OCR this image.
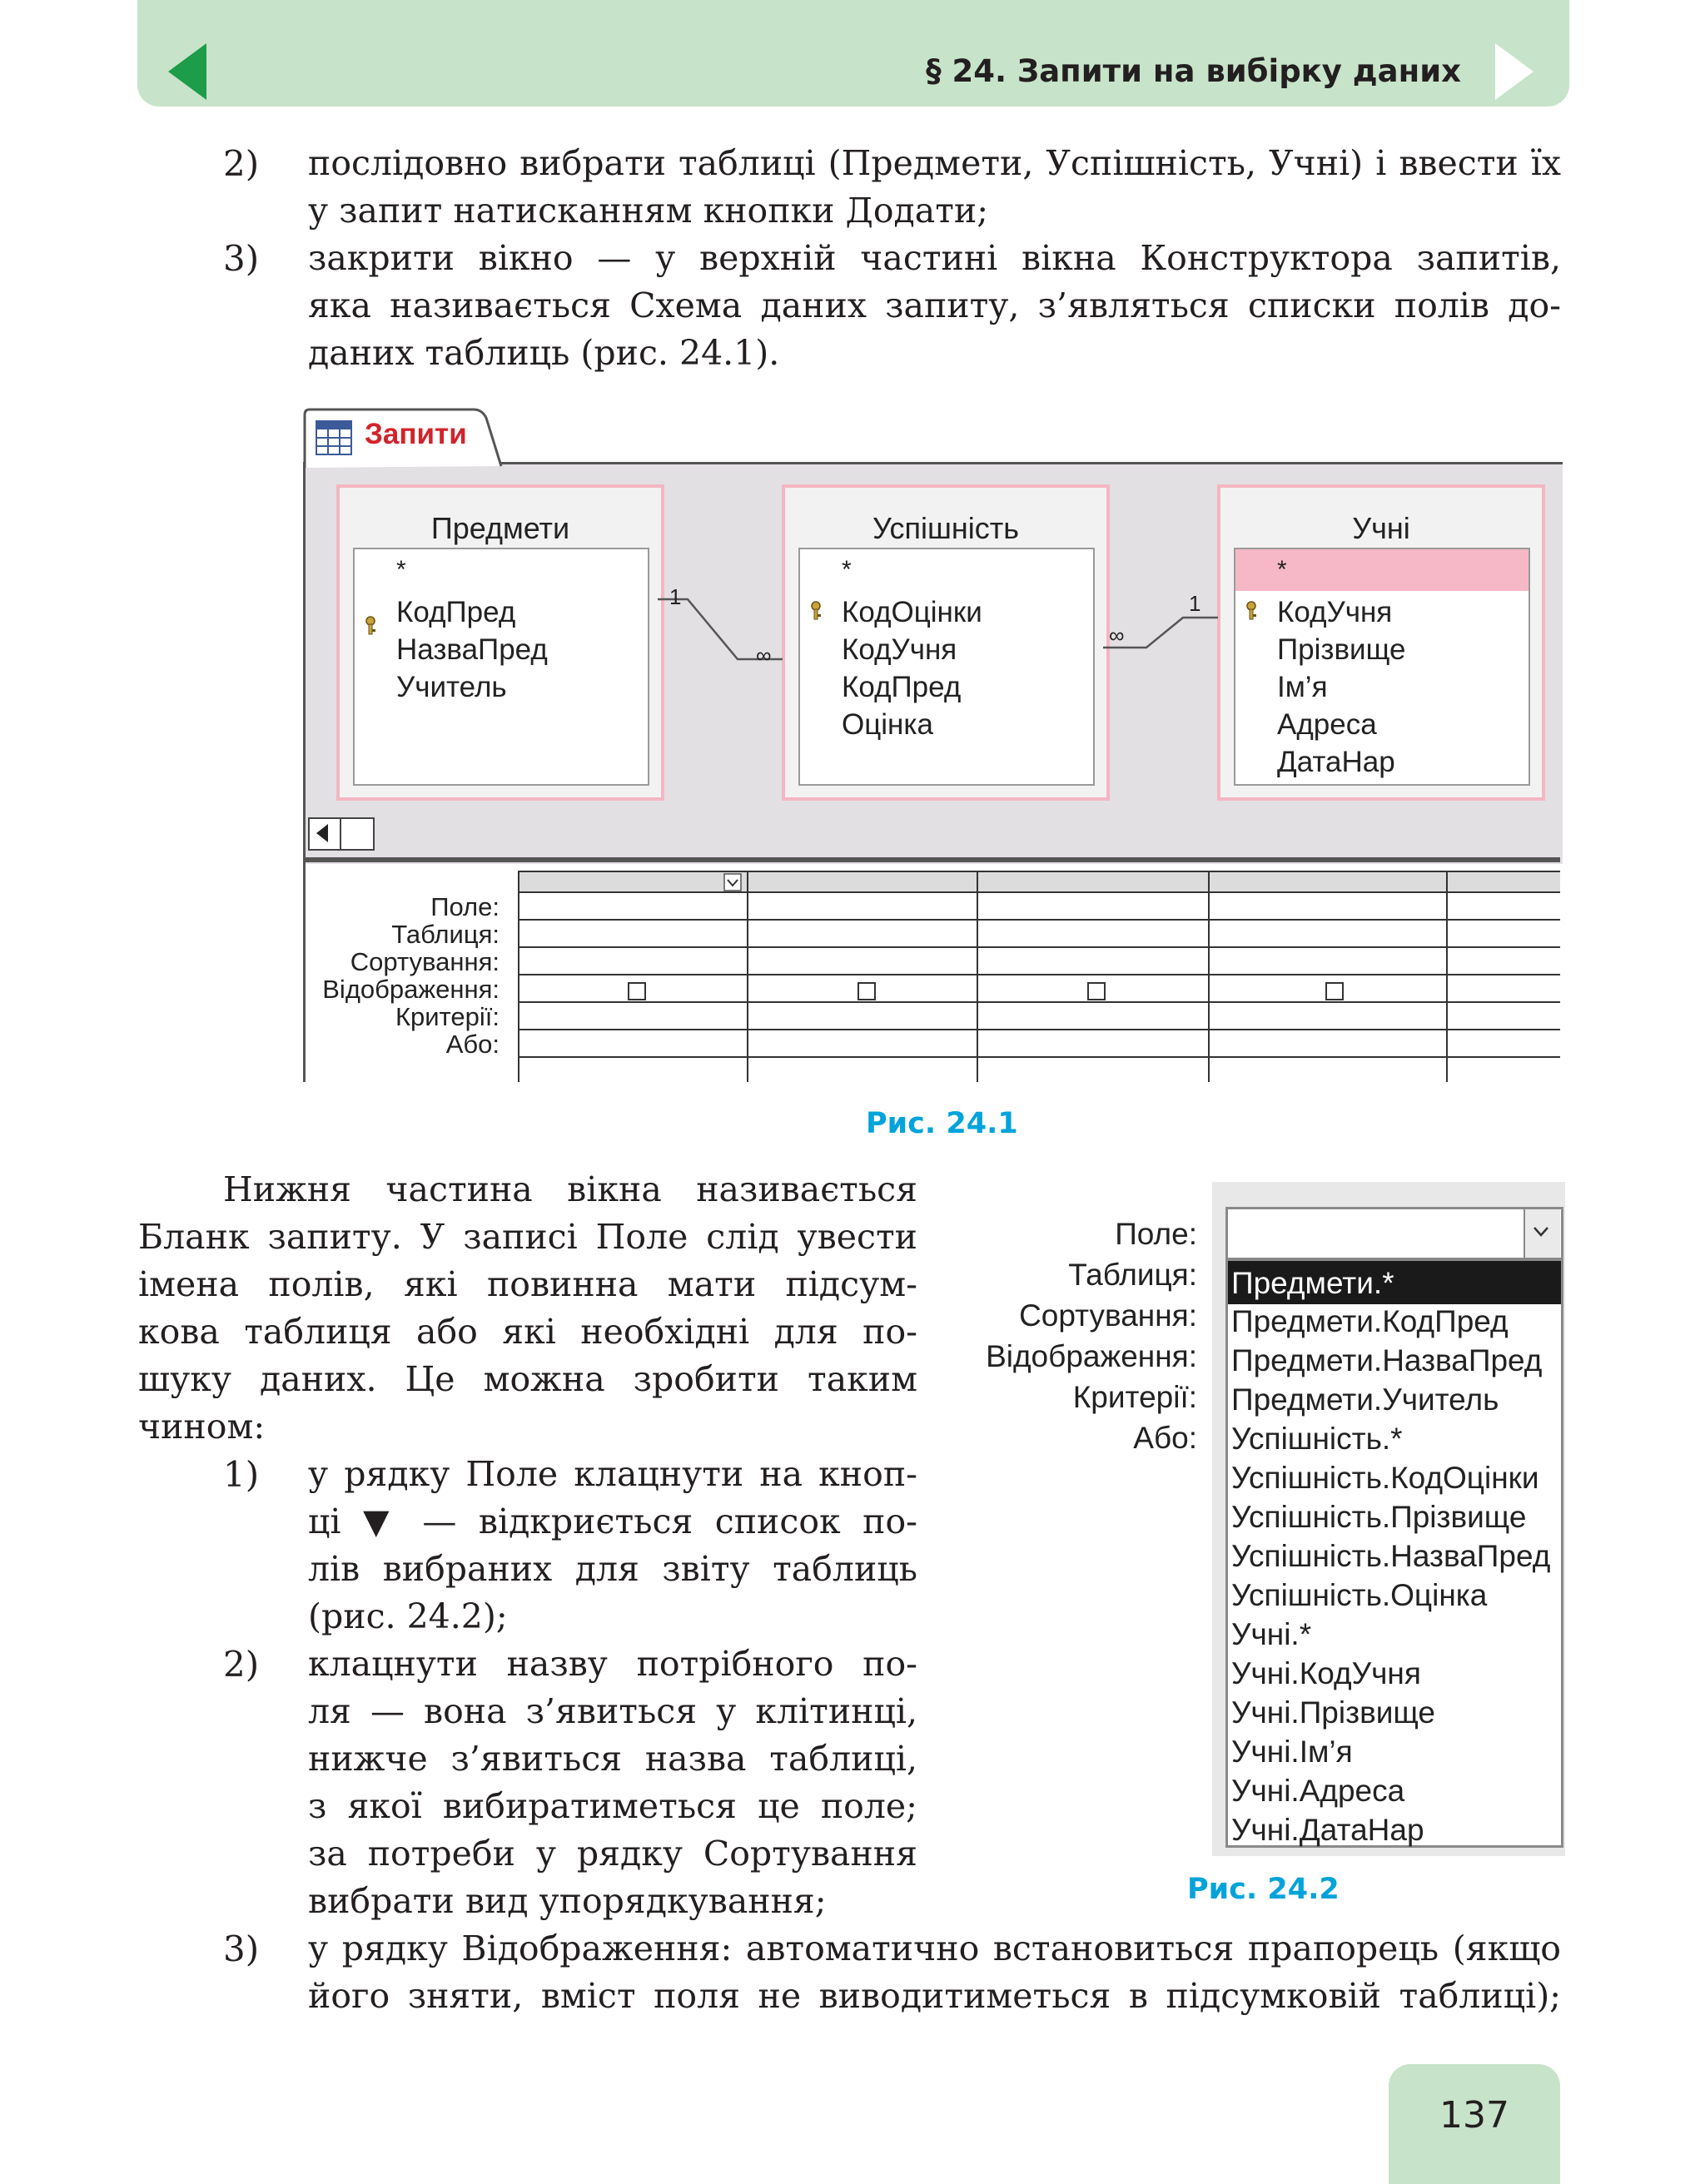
§ 24. Запити на вибірку даних
2) послідовно вибрати таблиці (Предмети, Успішність, Учні) і ввести їх
у запит натисканням кнопки Додати;
3) закрити вікно — у верхній частині вікна Конструктора запитів,
яка називається Схема даних запиту, з’являться списки полів до-
даних таблиць (рис. 24.1).
Запити
Предмети
*
КодПред
НазваПред
Учитель
Успішність
*
КодОцінки
КодУчня
КодПред
Оцінка
Учні
*
КодУчня
Прізвище
Ім’я
Адреса
ДатаНар
1
∞
1
∞
Поле:
Таблиця:
Сортування:
Відображення:
Критерії:
Або:
Рис. 24.1
Нижня частина вікна називається
Бланк запиту. У записі Поле слід увести
імена полів, які повинна мати підсум-
кова таблиця або які необхідні для по-
шуку даних. Це можна зробити таким
чином:
1) у рядку Поле клацнути на кноп-
ці ▼ — відкриється список по-
лів вибраних для звіту таблиць
(рис. 24.2);
2) клацнути назву потрібного по-
ля — вона з’явиться у клітинці,
нижче з’явиться назва таблиці,
з якої вибиратиметься це поле;
за потреби у рядку Сортування
вибрати вид упорядкування;
3) у рядку Відображення: автоматично встановиться прапорець (якщо
його зняти, вміст поля не виводитиметься в підсумковій таблиці);
Поле:
Таблиця:
Сортування:
Відображення:
Критерії:
Або:
Предмети.*
Предмети.КодПред
Предмети.НазваПред
Предмети.Учитель
Успішність.*
Успішність.КодОцінки
Успішність.Прізвище
Успішність.НазваПред
Успішність.Оцінка
Учні.*
Учні.КодУчня
Учні.Прізвище
Учні.Ім’я
Учні.Адреса
Учні.ДатаНар
Рис. 24.2
137
